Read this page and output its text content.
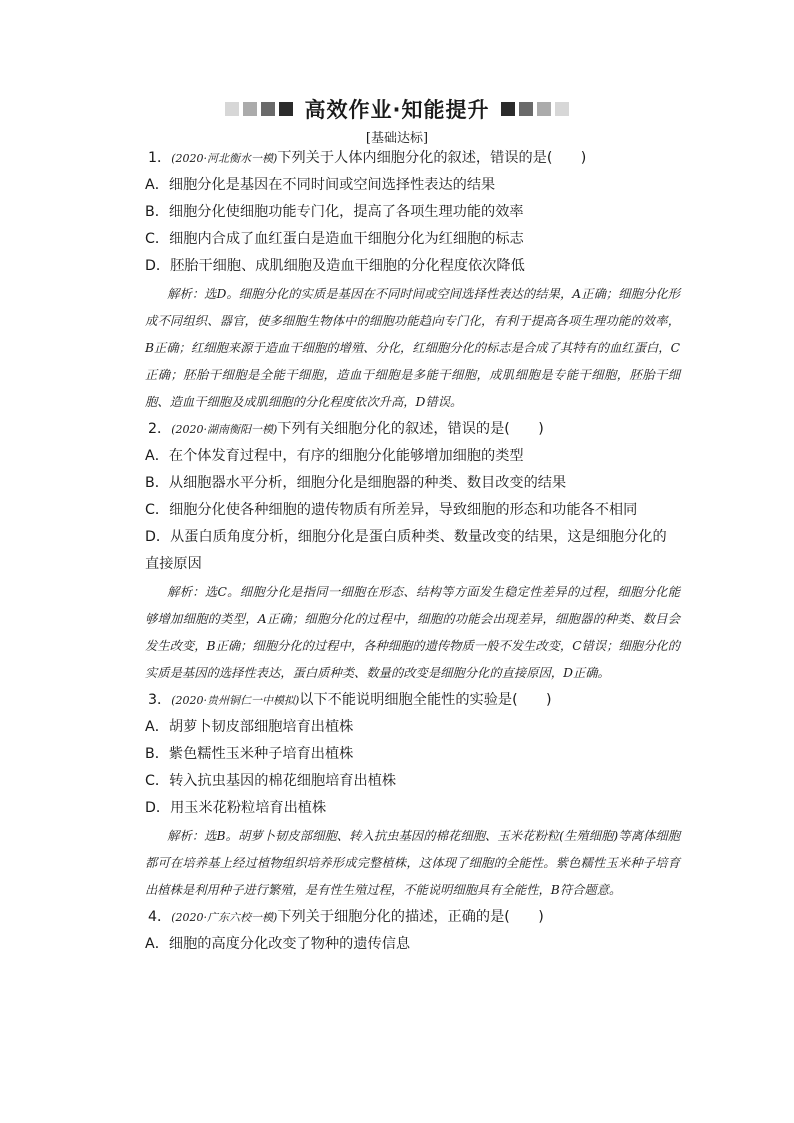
高效作业·知能提升
[基础达标]
1．(2020·河北衡水一模)下列关于人体内细胞分化的叙述，错误的是(　　)
A．细胞分化是基因在不同时间或空间选择性表达的结果
B．细胞分化使细胞功能专门化，提高了各项生理功能的效率
C．细胞内合成了血红蛋白是造血干细胞分化为红细胞的标志
D．胚胎干细胞、成肌细胞及造血干细胞的分化程度依次降低

解析：选D。细胞分化的实质是基因在不同时间或空间选择性表达的结果，A正确；细胞分化形成不同组织、器官，使多细胞生物体中的细胞功能趋向专门化，有利于提高各项生理功能的效率，B正确；红细胞来源于造血干细胞的增殖、分化，红细胞分化的标志是合成了其特有的血红蛋白，C正确；胚胎干细胞是全能干细胞，造血干细胞是多能干细胞，成肌细胞是专能干细胞，胚胎干细胞、造血干细胞及成肌细胞的分化程度依次升高，D错误。

2．(2020·湖南衡阳一模)下列有关细胞分化的叙述，错误的是(　　)
A．在个体发育过程中，有序的细胞分化能够增加细胞的类型
B．从细胞器水平分析，细胞分化是细胞器的种类、数目改变的结果
C．细胞分化使各种细胞的遗传物质有所差异，导致细胞的形态和功能各不相同
D．从蛋白质角度分析，细胞分化是蛋白质种类、数量改变的结果，这是细胞分化的直接原因

解析：选C。细胞分化是指同一细胞在形态、结构等方面发生稳定性差异的过程，细胞分化能够增加细胞的类型，A正确；细胞分化的过程中，细胞的功能会出现差异，细胞器的种类、数目会发生改变，B正确；细胞分化的过程中，各种细胞的遗传物质一般不发生改变，C错误；细胞分化的实质是基因的选择性表达，蛋白质种类、数量的改变是细胞分化的直接原因，D正确。

3．(2020·贵州铜仁一中模拟)以下不能说明细胞全能性的实验是(　　)
A．胡萝卜韧皮部细胞培育出植株
B．紫色糯性玉米种子培育出植株
C．转入抗虫基因的棉花细胞培育出植株
D．用玉米花粉粒培育出植株

解析：选B。胡萝卜韧皮部细胞、转入抗虫基因的棉花细胞、玉米花粉粒(生殖细胞)等离体细胞都可在培养基上经过植物组织培养形成完整植株，这体现了细胞的全能性。紫色糯性玉米种子培育出植株是利用种子进行繁殖，是有性生殖过程，不能说明细胞具有全能性，B符合题意。

4．(2020·广东六校一模)下列关于细胞分化的描述，正确的是(　　)
A．细胞的高度分化改变了物种的遗传信息
